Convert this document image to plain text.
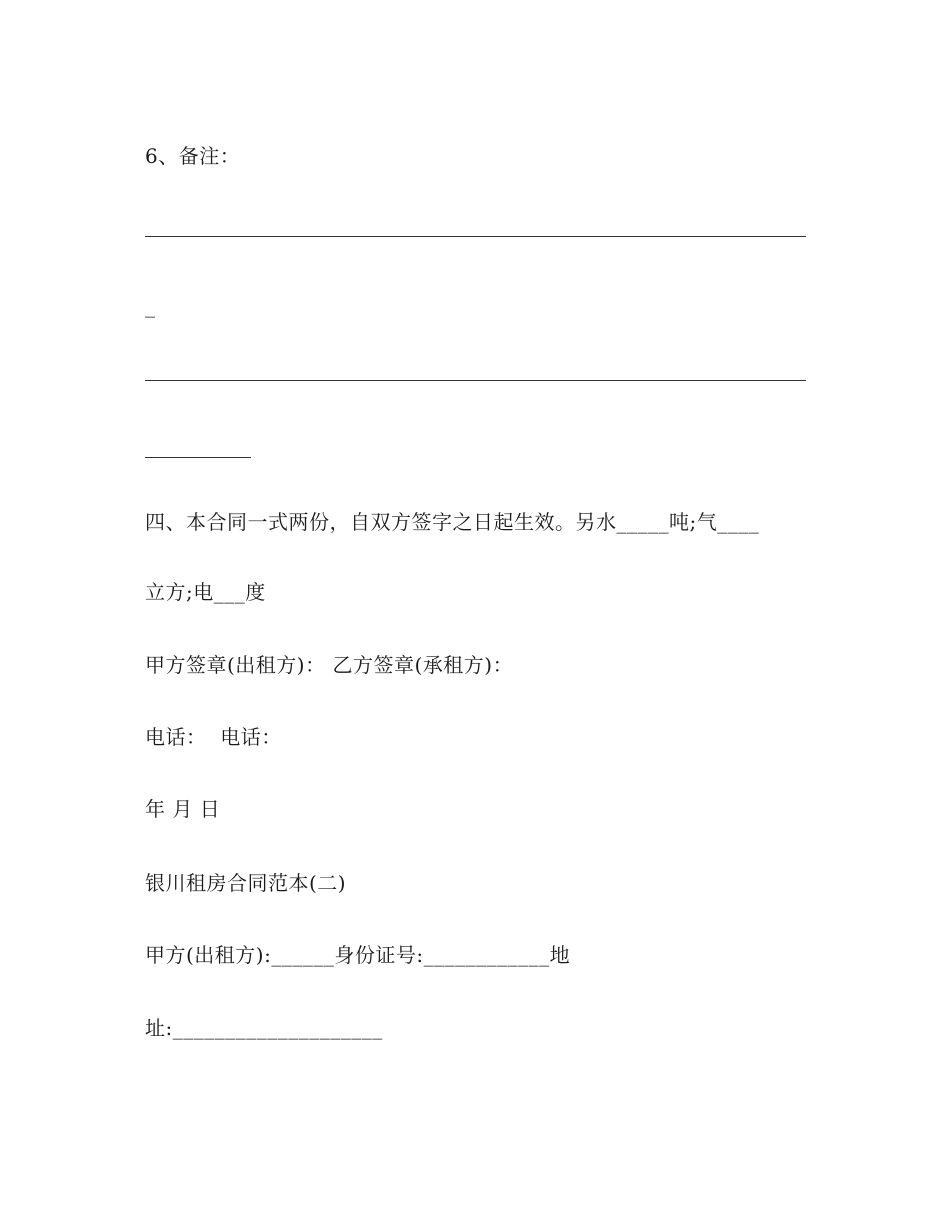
6、备注：
_
四、本合同一式两份，自双方签字之日起生效。另水_____吨;气____
立方;电___度
甲方签章(出租方)： 乙方签章(承租方)：
电话：  电话：
年 月 日
银川租房合同范本(二)
甲方(出租方):______身份证号:____________地
址:____________________
